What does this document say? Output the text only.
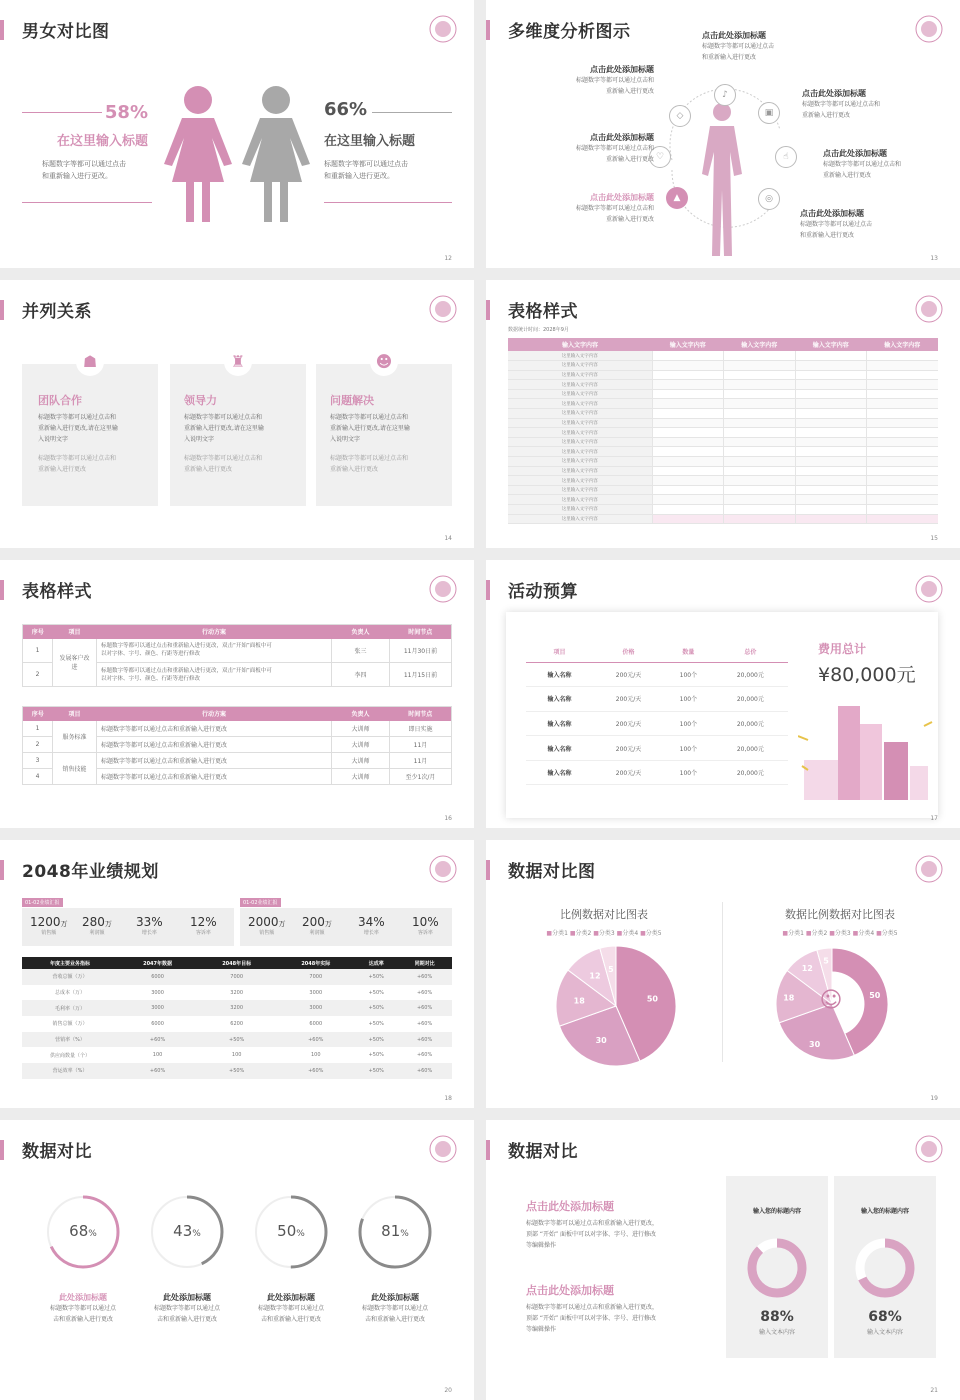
男女对比图
58%
在这里输入标题
标题数字等都可以通过点击
和重新输入进行更改。
66%
在这里输入标题
标题数字等都可以通过点击
和重新输入进行更改。
12
多维度分析图示
◇
♪
▣
♡	☝
▲	◎
点击此处添加标题
标题数字等都可以通过点击
和重新输入进行更改
点击此处添加标题
标题数字等都可以通过点击和
重新输入进行更改
点击此处添加标题
标题数字等都可以通过点击和
重新输入进行更改
点击此处添加标题
标题数字等都可以通过点击和
重新输入进行更改
点击此处添加标题
标题数字等都可以通过点击和
重新输入进行更改
点击此处添加标题
标题数字等都可以通过点击和
重新输入进行更改
点击此处添加标题
标题数字等都可以通过点击
和重新输入进行更改
13
并列关系
团队合作
标题数字等都可以通过点击和
重新输入进行更改,请在这里输
入说明文字
标题数字等都可以通过点击和
重新输入进行更改
领导力
标题数字等都可以通过点击和
重新输入进行更改,请在这里输
入说明文字
标题数字等都可以通过点击和
重新输入进行更改
问题解决
标题数字等都可以通过点击和
重新输入进行更改,请在这里输
入说明文字
标题数字等都可以通过点击和
重新输入进行更改
☗	♜	☻
14
表格样式
数据统计时间：2028年9月
输入文字内容	输入文字内容	输入文字内容	输入文字内容	输入文字内容
这里输入文字内容				
这里输入文字内容				
这里输入文字内容				
这里输入文字内容				
这里输入文字内容				
这里输入文字内容				
这里输入文字内容				
这里输入文字内容				
这里输入文字内容				
这里输入文字内容				
这里输入文字内容				
这里输入文字内容				
这里输入文字内容				
这里输入文字内容				
这里输入文字内容				
这里输入文字内容				
这里输入文字内容				
这里输入文字内容				
15
表格样式
序号	项目	行动方案	负责人	时间节点
1	发展客户改进	标题数字等都可以通过点击和重新输入进行更改，双击“开始”面板中可
以对字体、字号、颜色、行距等进行修改	张三	11月30日前
2		标题数字等都可以通过点击和重新输入进行更改，双击“开始”面板中可
以对字体、字号、颜色、行距等进行修改	李四	11月15日前
序号	项目	行动方案	负责人	时间节点
1	服务标准	标题数字等都可以通过点击和重新输入进行更改	大训师	即日实施
2		标题数字等都可以通过点击和重新输入进行更改	大训师	11月
3	销售技能	标题数字等都可以通过点击和重新输入进行更改	大训师	11月
4		标题数字等都可以通过点击和重新输入进行更改	大训师	至少1次/月
16
活动预算
项目	价格	数量	总价
输入名称	200元/天	100个	20,000元
输入名称	200元/天	100个	20,000元
输入名称	200元/天	100个	20,000元
输入名称	200元/天	100个	20,000元
输入名称	200元/天	100个	20,000元
费用总计
¥80,000元
17
2048年业绩规划
01-02业绩汇报	01-02业绩汇报
1200万
销售额
280万
利润额
33%
增长率
12%
客诉率
2000万
销售额
200万
利润额
34%
增长率
10%
客诉率
年度主要业务指标	2047年数据	2048年目标	2048年实际	达成率	同期对比
营收总额（万）	6000	7000	7000	+50%	+60%
总成本（万）	3000	3200	3000	+50%	+60%
毛利率（万）	3000	3200	3000	+50%	+60%
销售总额（万）	6000	6200	6000	+50%	+60%
营销率（%）	+60%	+50%	+60%	+50%	+60%
供应商数量（个）	100	100	100	+50%	+60%
营运效率（%）	+60%	+50%	+60%	+50%	+60%
18
数据对比图
比例数据对比图表
■分类1 ■分类2 ■分类3 ■分类4 ■分类5
50
30
18
12
5
数据比例数据对比图表
■分类1 ■分类2 ■分类3 ■分类4 ■分类5
50
30
18
12
5
☺
19
数据对比
68%
此处添加标题
标题数字等都可以通过点
击和重新输入进行更改
43%
此处添加标题
标题数字等都可以通过点
击和重新输入进行更改
50%
此处添加标题
标题数字等都可以通过点
击和重新输入进行更改
81%
此处添加标题
标题数字等都可以通过点
击和重新输入进行更改
20
数据对比
点击此处添加标题
标题数字等都可以通过点击和重新输入进行更改，
顶部 “开始” 面板中可以对字体、字号、进行修改
等编辑操作
点击此处添加标题
标题数字等都可以通过点击和重新输入进行更改，
顶部 “开始” 面板中可以对字体、字号、进行修改
等编辑操作
输入您的标题内容
88%
输入文本内容
输入您的标题内容
68%
输入文本内容
21
